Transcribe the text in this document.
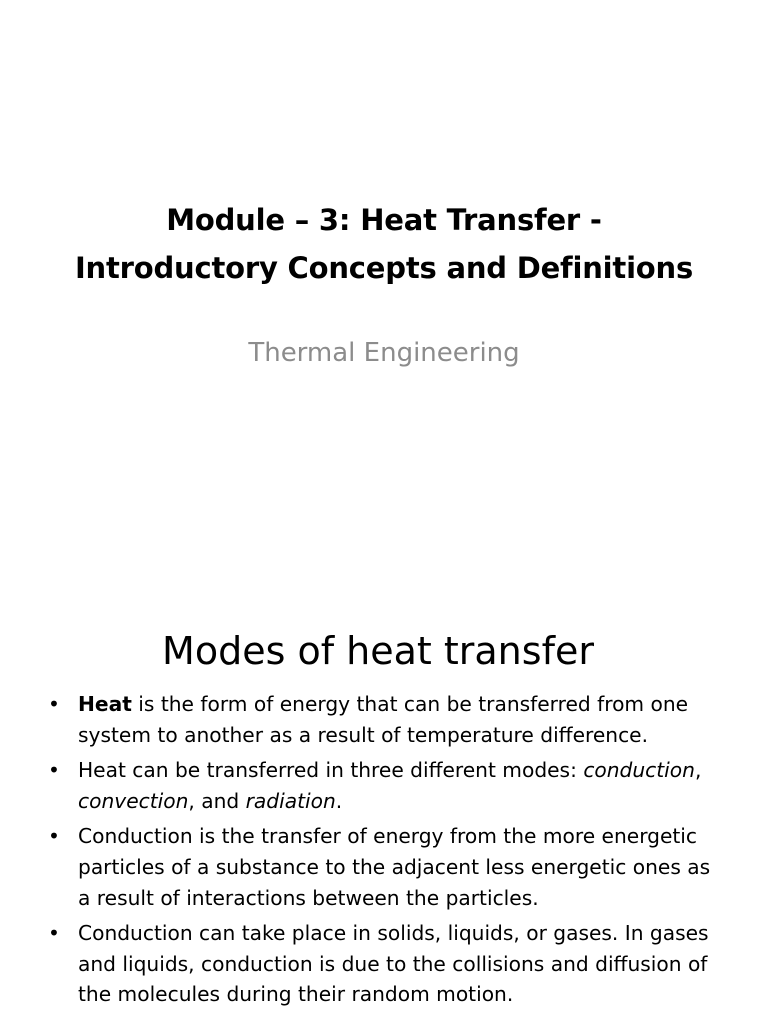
Module – 3: Heat Transfer -
Introductory Concepts and Definitions
Thermal Engineering
Modes of heat transfer
• Heat is the form of energy that can be transferred from one
system to another as a result of temperature difference.
• Heat can be transferred in three different modes: conduction,
convection, and radiation.
• Conduction is the transfer of energy from the more energetic
particles of a substance to the adjacent less energetic ones as
a result of interactions between the particles.
• Conduction can take place in solids, liquids, or gases. In gases
and liquids, conduction is due to the collisions and diffusion of
the molecules during their random motion.
